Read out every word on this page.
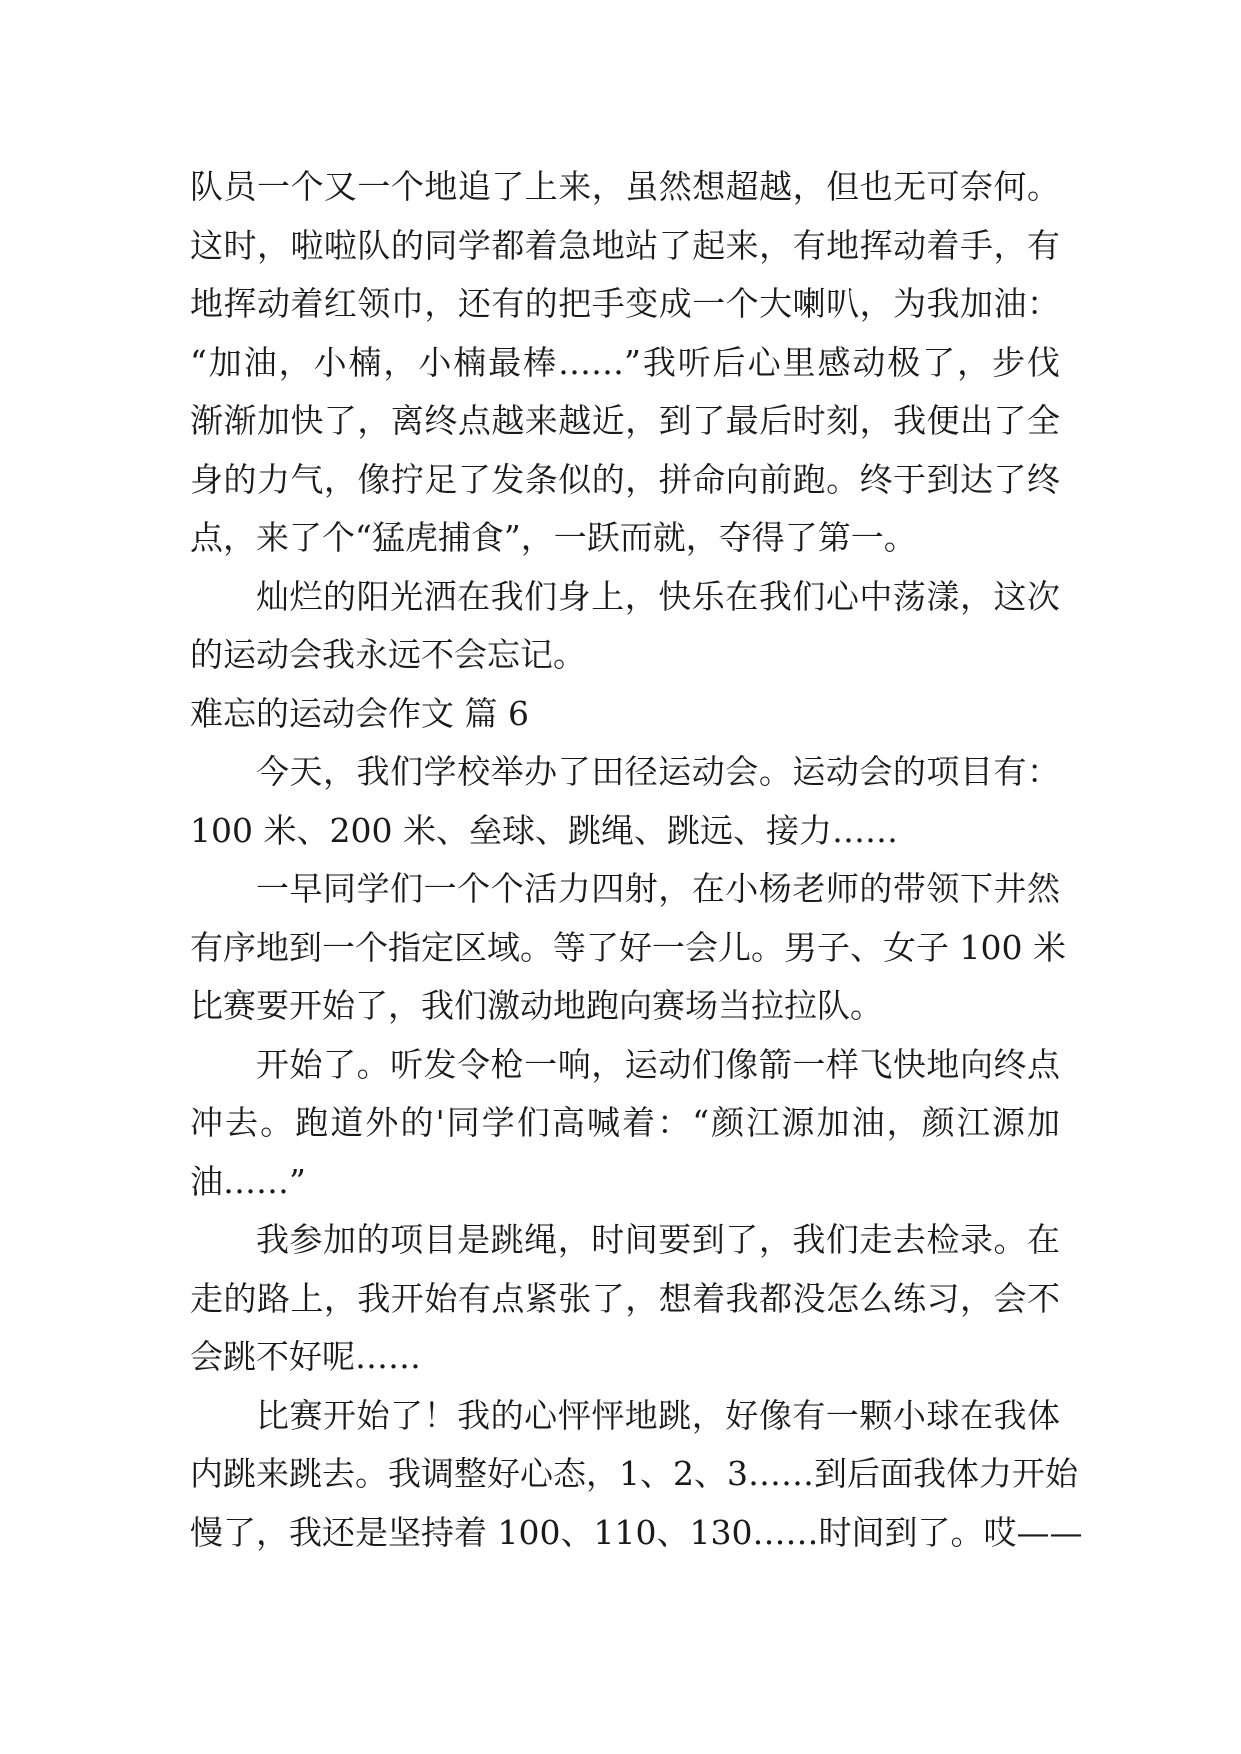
队员一个又一个地追了上来，虽然想超越，但也无可奈何。
这时，啦啦队的同学都着急地站了起来，有地挥动着手，有
地挥动着红领巾，还有的把手变成一个大喇叭，为我加油：
“加油，小楠，小楠最棒……”我听后心里感动极了，步伐
渐渐加快了，离终点越来越近，到了最后时刻，我便出了全
身的力气，像拧足了发条似的，拼命向前跑。终于到达了终
点，来了个“猛虎捕食”，一跃而就，夺得了第一。
灿烂的阳光洒在我们身上，快乐在我们心中荡漾，这次
的运动会我永远不会忘记。
难忘的运动会作文 篇 6
今天，我们学校举办了田径运动会。运动会的项目有：
100 米、200 米、垒球、跳绳、跳远、接力……
一早同学们一个个活力四射，在小杨老师的带领下井然
有序地到一个指定区域。等了好一会儿。男子、女子 100 米
比赛要开始了，我们激动地跑向赛场当拉拉队。
开始了。听发令枪一响，运动们像箭一样飞快地向终点
冲去。跑道外的'同学们高喊着：“颜江源加油，颜江源加
油……”
我参加的项目是跳绳，时间要到了，我们走去检录。在
走的路上，我开始有点紧张了，想着我都没怎么练习，会不
会跳不好呢……
比赛开始了！我的心怦怦地跳，好像有一颗小球在我体
内跳来跳去。我调整好心态，1、2、3……到后面我体力开始
慢了，我还是坚持着 100、110、130……时间到了。哎——
